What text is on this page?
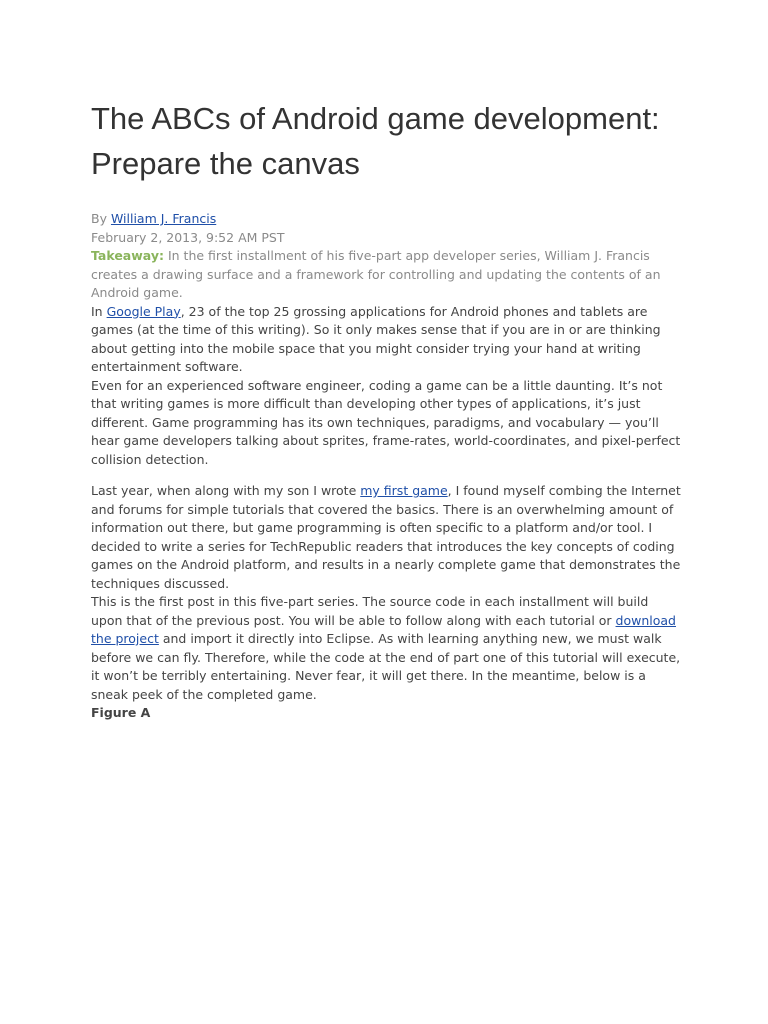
The ABCs of Android game development:
Prepare the canvas
By William J. Francis
February 2, 2013, 9:52 AM PST
Takeaway: In the first installment of his five-part app developer series, William J. Francis creates a drawing surface and a framework for controlling and updating the contents of an Android game.

In Google Play, 23 of the top 25 grossing applications for Android phones and tablets are games (at the time of this writing). So it only makes sense that if you are in or are thinking about getting into the mobile space that you might consider trying your hand at writing entertainment software.

Even for an experienced software engineer, coding a game can be a little daunting. It’s not that writing games is more difficult than developing other types of applications, it’s just different. Game programming has its own techniques, paradigms, and vocabulary — you’ll hear game developers talking about sprites, frame-rates, world-coordinates, and pixel-perfect collision detection.

Last year, when along with my son I wrote my first game, I found myself combing the Internet and forums for simple tutorials that covered the basics. There is an overwhelming amount of information out there, but game programming is often specific to a platform and/or tool. I decided to write a series for TechRepublic readers that introduces the key concepts of coding games on the Android platform, and results in a nearly complete game that demonstrates the techniques discussed.

This is the first post in this five-part series. The source code in each installment will build upon that of the previous post. You will be able to follow along with each tutorial or download the project and import it directly into Eclipse. As with learning anything new, we must walk before we can fly. Therefore, while the code at the end of part one of this tutorial will execute, it won’t be terribly entertaining. Never fear, it will get there. In the meantime, below is a sneak peek of the completed game.

Figure A
